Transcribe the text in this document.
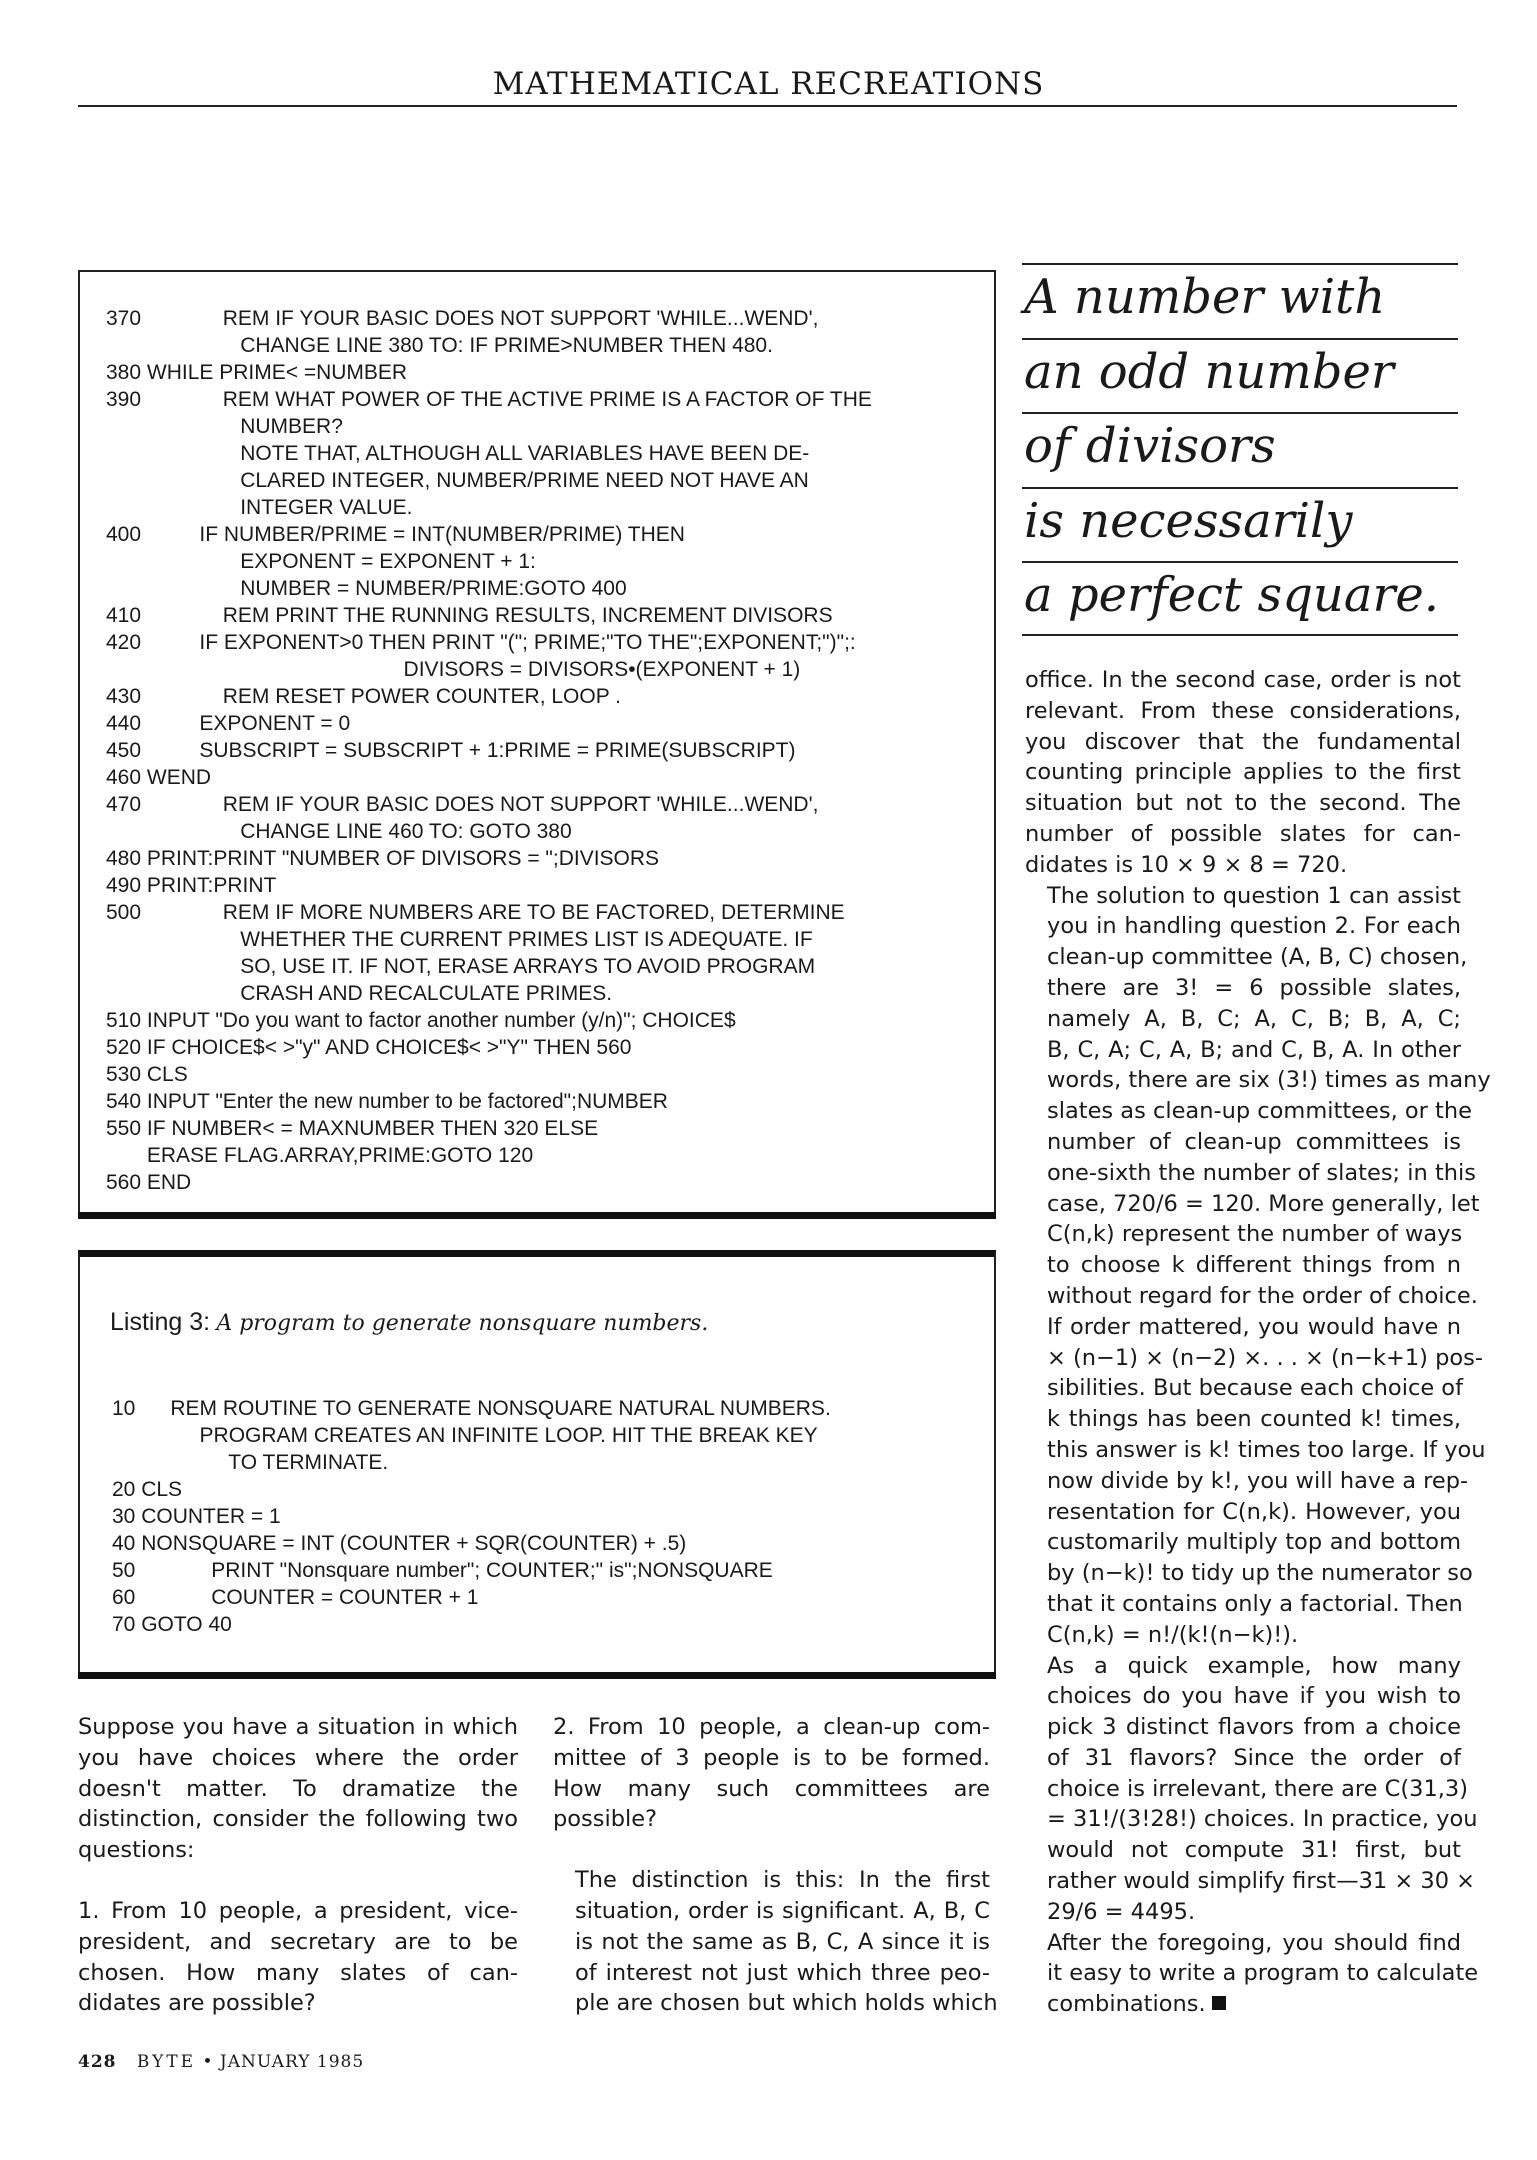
MATHEMATICAL RECREATIONS
370              REM IF YOUR BASIC DOES NOT SUPPORT 'WHILE...WEND',
CHANGE LINE 380 TO: IF PRIME>NUMBER THEN 480.
380 WHILE PRIME< =NUMBER
390              REM WHAT POWER OF THE ACTIVE PRIME IS A FACTOR OF THE
NUMBER?
NOTE THAT, ALTHOUGH ALL VARIABLES HAVE BEEN DE-
CLARED INTEGER, NUMBER/PRIME NEED NOT HAVE AN
INTEGER VALUE.
400          IF NUMBER/PRIME = INT(NUMBER/PRIME) THEN
EXPONENT = EXPONENT + 1:
NUMBER = NUMBER/PRIME:GOTO 400
410              REM PRINT THE RUNNING RESULTS, INCREMENT DIVISORS
420          IF EXPONENT>0 THEN PRINT "("; PRIME;"TO THE";EXPONENT;")";:
DIVISORS = DIVISORS•(EXPONENT + 1)
430              REM RESET POWER COUNTER, LOOP .
440          EXPONENT = 0
450          SUBSCRIPT = SUBSCRIPT + 1:PRIME = PRIME(SUBSCRIPT)
460 WEND
470              REM IF YOUR BASIC DOES NOT SUPPORT 'WHILE...WEND',
CHANGE LINE 460 TO: GOTO 380
480 PRINT:PRINT "NUMBER OF DIVISORS = ";DIVISORS
490 PRINT:PRINT
500              REM IF MORE NUMBERS ARE TO BE FACTORED, DETERMINE
WHETHER THE CURRENT PRIMES LIST IS ADEQUATE. IF
SO, USE IT. IF NOT, ERASE ARRAYS TO AVOID PROGRAM
CRASH AND RECALCULATE PRIMES.
510 INPUT "Do you want to factor another number (y/n)"; CHOICE$
520 IF CHOICE$< >"y" AND CHOICE$< >"Y" THEN 560
530 CLS
540 INPUT "Enter the new number to be factored";NUMBER
550 IF NUMBER< = MAXNUMBER THEN 320 ELSE
ERASE FLAG.ARRAY,PRIME:GOTO 120
560 END
Listing 3: A program to generate nonsquare numbers.
10      REM ROUTINE TO GENERATE NONSQUARE NATURAL NUMBERS.
PROGRAM CREATES AN INFINITE LOOP. HIT THE BREAK KEY
TO TERMINATE.
20 CLS
30 COUNTER = 1
40 NONSQUARE = INT (COUNTER + SQR(COUNTER) + .5)
50             PRINT "Nonsquare number"; COUNTER;" is";NONSQUARE
60             COUNTER = COUNTER + 1
70 GOTO 40
A number with
an odd number
of divisors
is necessarily
a perfect square.

Suppose you have a situation in which
you have choices where the order
doesn't matter. To dramatize the
distinction, consider the following two
questions:

1. From 10 people, a president, vice-
president, and secretary are to be
chosen. How many slates of can-
didates are possible?

2. From 10 people, a clean-up com-
mittee of 3 people is to be formed.
How many such committees are
possible?

The distinction is this: In the first
situation, order is significant. A, B, C
is not the same as B, C, A since it is
of interest not just which three peo-
ple are chosen but which holds which

office. In the second case, order is not
relevant. From these considerations,
you discover that the fundamental
counting principle applies to the first
situation but not to the second. The
number of possible slates for can-
didates is 10 × 9 × 8 = 720.

The solution to question 1 can assist
you in handling question 2. For each
clean-up committee (A, B, C) chosen,
there are 3! = 6 possible slates,
namely A, B, C; A, C, B; B, A, C;
B, C, A; C, A, B; and C, B, A. In other
words, there are six (3!) times as many
slates as clean-up committees, or the
number of clean-up committees is
one-sixth the number of slates; in this
case, 720/6 = 120. More generally, let
C(n,k) represent the number of ways
to choose k different things from n
without regard for the order of choice.
If order mattered, you would have n
× (n−1) × (n−2) ×. . . × (n−k+1) pos-
sibilities. But because each choice of
k things has been counted k! times,
this answer is k! times too large. If you
now divide by k!, you will have a rep-
resentation for C(n,k). However, you
customarily multiply top and bottom
by (n−k)! to tidy up the numerator so
that it contains only a factorial. Then
C(n,k) = n!/(k!(n−k)!).

As a quick example, how many
choices do you have if you wish to
pick 3 distinct flavors from a choice
of 31 flavors? Since the order of
choice is irrelevant, there are C(31,3)
= 31!/(3!28!) choices. In practice, you
would not compute 31! first, but
rather would simplify first—31 × 30 ×
29/6 = 4495.

After the foregoing, you should find
it easy to write a program to calculate
combinations.

428 BYTE • JANUARY 1985
